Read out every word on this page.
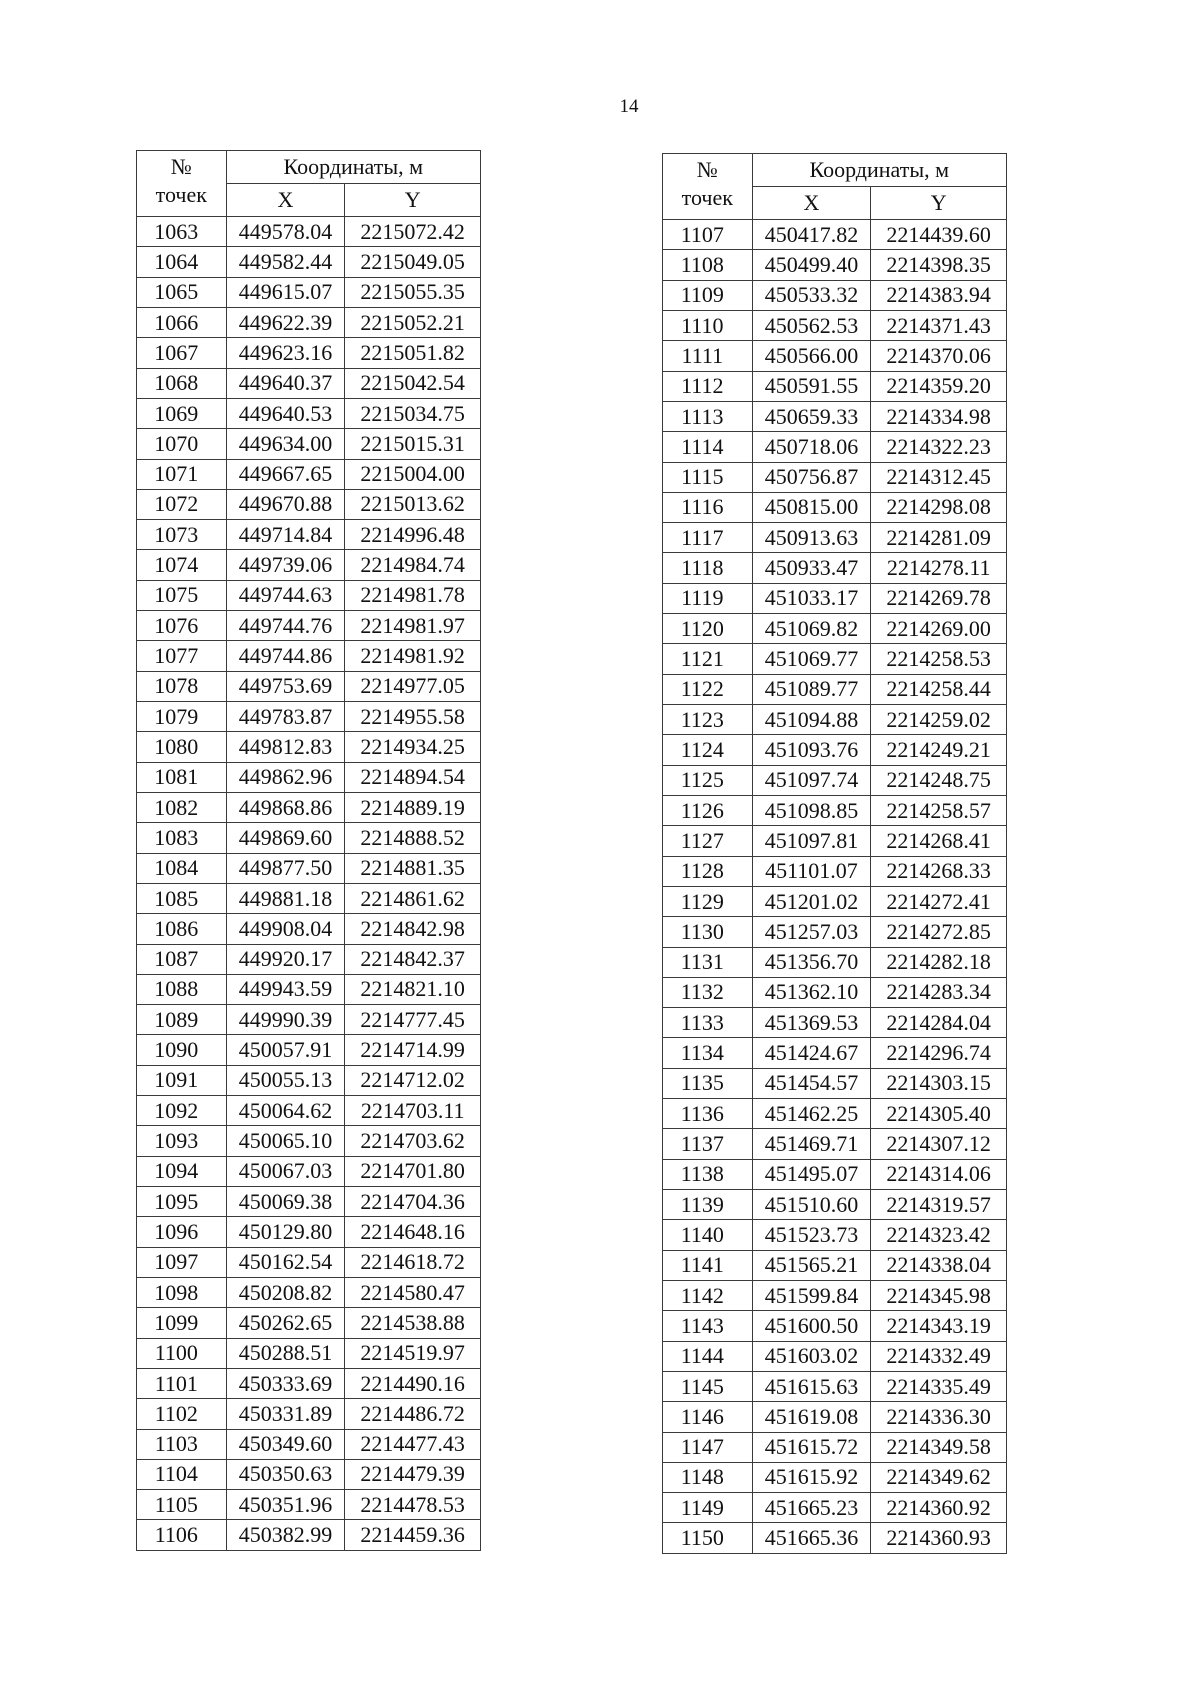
14
№
точек	Координаты, м	
	X	Y
1063	449578.04	2215072.42
1064	449582.44	2215049.05
1065	449615.07	2215055.35
1066	449622.39	2215052.21
1067	449623.16	2215051.82
1068	449640.37	2215042.54
1069	449640.53	2215034.75
1070	449634.00	2215015.31
1071	449667.65	2215004.00
1072	449670.88	2215013.62
1073	449714.84	2214996.48
1074	449739.06	2214984.74
1075	449744.63	2214981.78
1076	449744.76	2214981.97
1077	449744.86	2214981.92
1078	449753.69	2214977.05
1079	449783.87	2214955.58
1080	449812.83	2214934.25
1081	449862.96	2214894.54
1082	449868.86	2214889.19
1083	449869.60	2214888.52
1084	449877.50	2214881.35
1085	449881.18	2214861.62
1086	449908.04	2214842.98
1087	449920.17	2214842.37
1088	449943.59	2214821.10
1089	449990.39	2214777.45
1090	450057.91	2214714.99
1091	450055.13	2214712.02
1092	450064.62	2214703.11
1093	450065.10	2214703.62
1094	450067.03	2214701.80
1095	450069.38	2214704.36
1096	450129.80	2214648.16
1097	450162.54	2214618.72
1098	450208.82	2214580.47
1099	450262.65	2214538.88
1100	450288.51	2214519.97
1101	450333.69	2214490.16
1102	450331.89	2214486.72
1103	450349.60	2214477.43
1104	450350.63	2214479.39
1105	450351.96	2214478.53
1106	450382.99	2214459.36
№
точек	Координаты, м	
	X	Y
1107	450417.82	2214439.60
1108	450499.40	2214398.35
1109	450533.32	2214383.94
1110	450562.53	2214371.43
1111	450566.00	2214370.06
1112	450591.55	2214359.20
1113	450659.33	2214334.98
1114	450718.06	2214322.23
1115	450756.87	2214312.45
1116	450815.00	2214298.08
1117	450913.63	2214281.09
1118	450933.47	2214278.11
1119	451033.17	2214269.78
1120	451069.82	2214269.00
1121	451069.77	2214258.53
1122	451089.77	2214258.44
1123	451094.88	2214259.02
1124	451093.76	2214249.21
1125	451097.74	2214248.75
1126	451098.85	2214258.57
1127	451097.81	2214268.41
1128	451101.07	2214268.33
1129	451201.02	2214272.41
1130	451257.03	2214272.85
1131	451356.70	2214282.18
1132	451362.10	2214283.34
1133	451369.53	2214284.04
1134	451424.67	2214296.74
1135	451454.57	2214303.15
1136	451462.25	2214305.40
1137	451469.71	2214307.12
1138	451495.07	2214314.06
1139	451510.60	2214319.57
1140	451523.73	2214323.42
1141	451565.21	2214338.04
1142	451599.84	2214345.98
1143	451600.50	2214343.19
1144	451603.02	2214332.49
1145	451615.63	2214335.49
1146	451619.08	2214336.30
1147	451615.72	2214349.58
1148	451615.92	2214349.62
1149	451665.23	2214360.92
1150	451665.36	2214360.93
